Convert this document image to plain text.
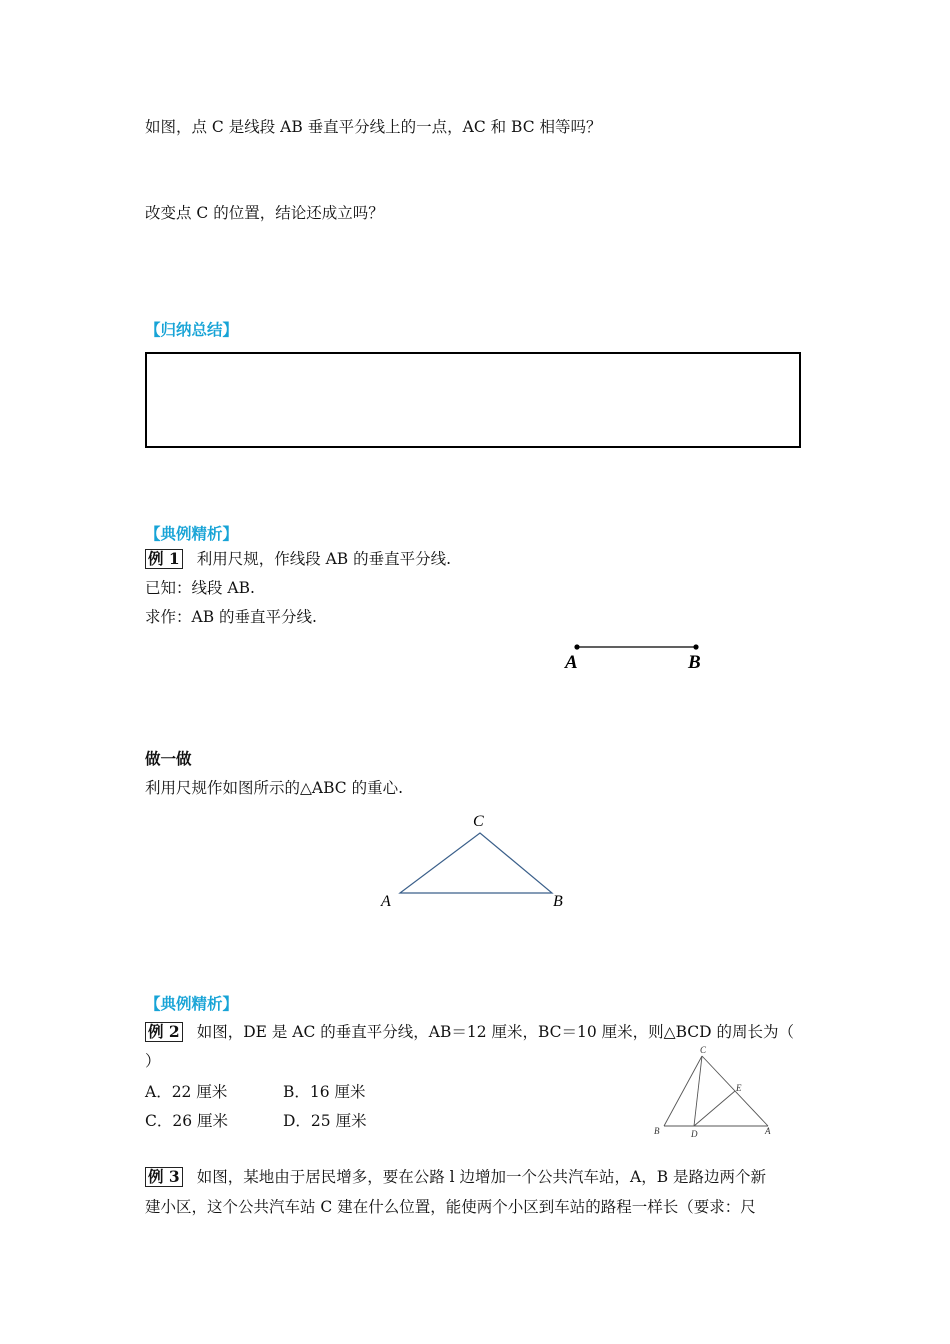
如图，点 C 是线段 AB 垂直平分线上的一点，AC 和 BC 相等吗？
改变点 C 的位置，结论还成立吗？
【归纳总结】
【典例精析】
例 1 利用尺规，作线段 AB 的垂直平分线.
已知：线段 AB.
求作：AB 的垂直平分线.
A	B
做一做
利用尺规作如图所示的△ABC 的重心.
C
A	B
【典例精析】
例 2 如图，DE 是 AC 的垂直平分线，AB＝12 厘米，BC＝10 厘米，则△BCD 的周长为（
）
A．22 厘米	B．16 厘米
C．26 厘米	D．25 厘米
C
E
B	D	A
例 3 如图，某地由于居民增多，要在公路 l 边增加一个公共汽车站，A，B 是路边两个新
建小区，这个公共汽车站 C 建在什么位置，能使两个小区到车站的路程一样长（要求：尺
